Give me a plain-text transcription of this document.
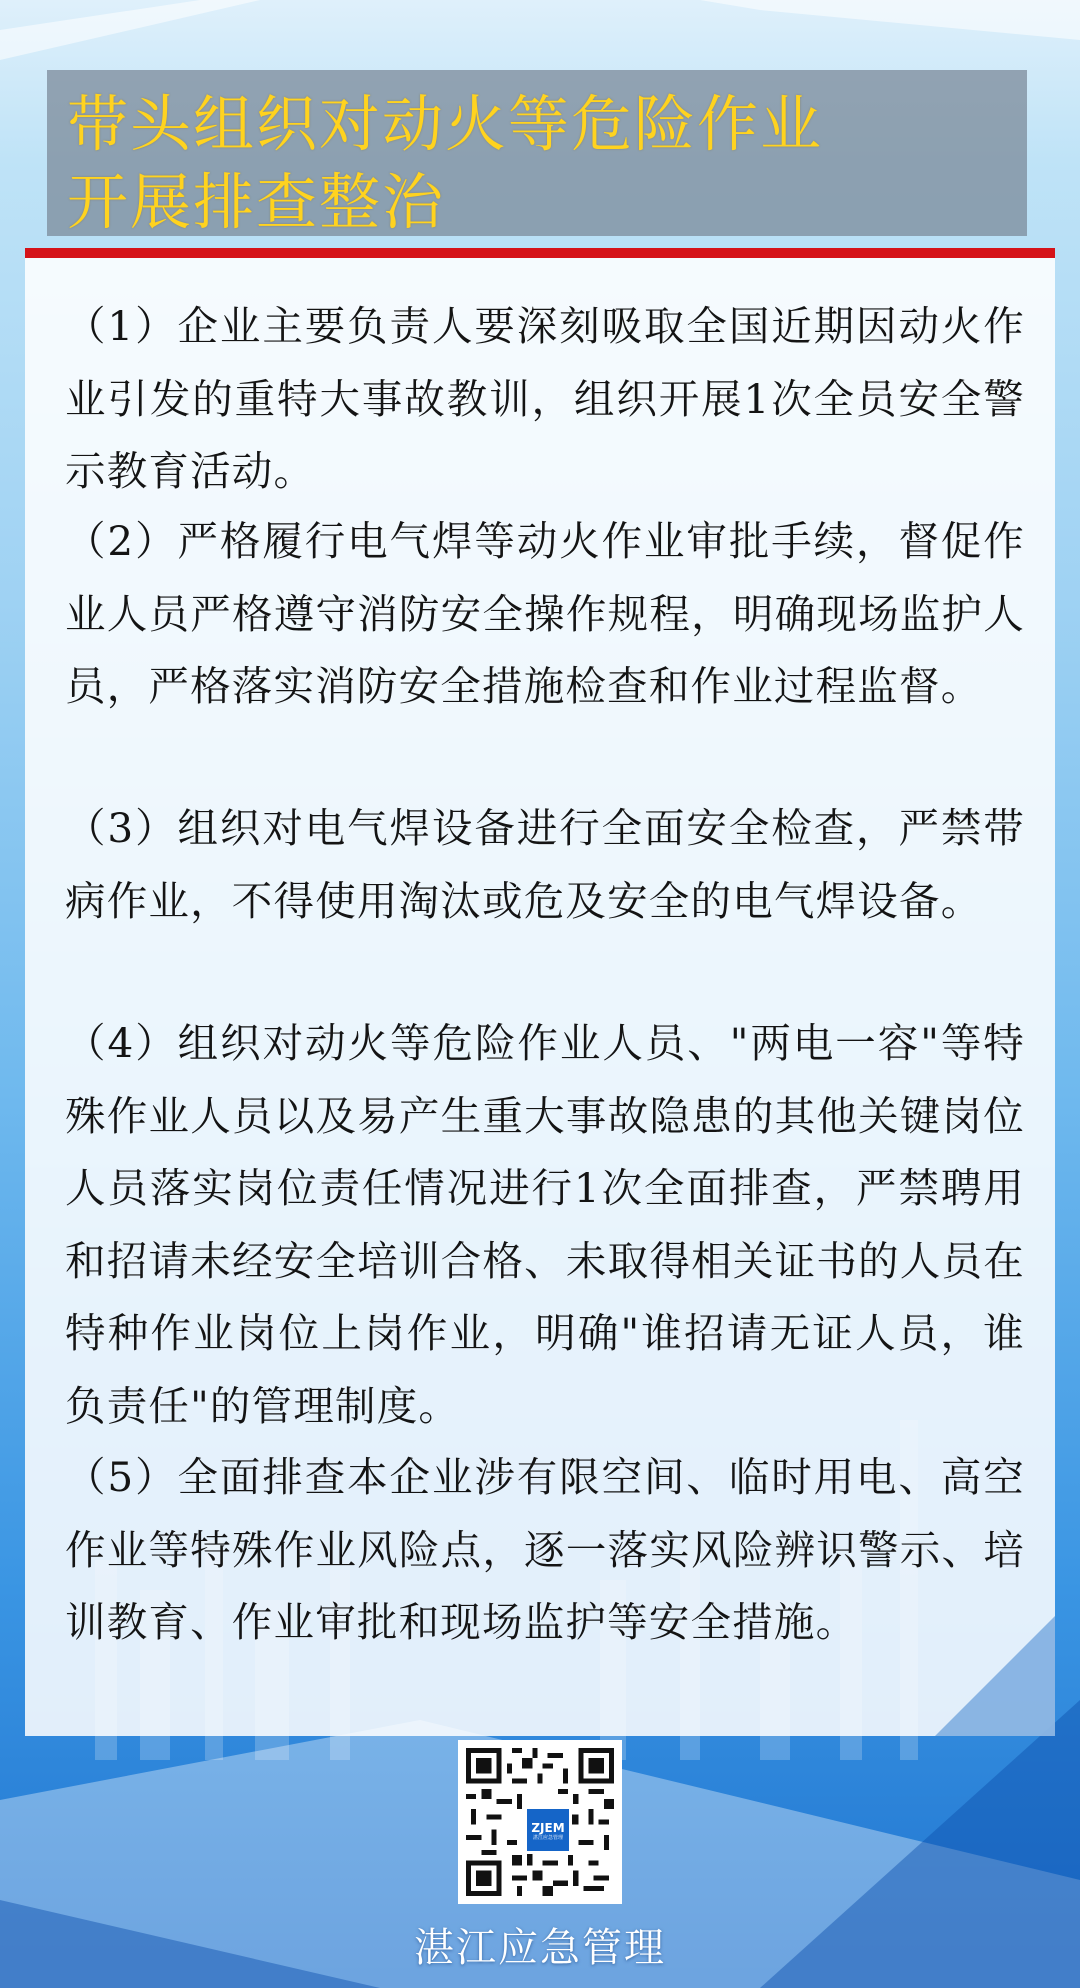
带头组织对动火等危险作业
开展排查整治

（1）企业主要负责人要深刻吸取全国近期因动火作业引发的重特大事故教训，组织开展1次全员安全警示教育活动。

（2）严格履行电气焊等动火作业审批手续，督促作业人员严格遵守消防安全操作规程，明确现场监护人员，严格落实消防安全措施检查和作业过程监督。

（3）组织对电气焊设备进行全面安全检查，严禁带病作业，不得使用淘汰或危及安全的电气焊设备。

（4）组织对动火等危险作业人员、"两电一容"等特殊作业人员以及易产生重大事故隐患的其他关键岗位人员落实岗位责任情况进行1次全面排查，严禁聘用和招请未经安全培训合格、未取得相关证书的人员在特种作业岗位上岗作业，明确"谁招请无证人员，谁负责任"的管理制度。

（5）全面排查本企业涉有限空间、临时用电、高空作业等特殊作业风险点，逐一落实风险辨识警示、培训教育、作业审批和现场监护等安全措施。

ZJEM
湛江应急管理
湛江应急管理
